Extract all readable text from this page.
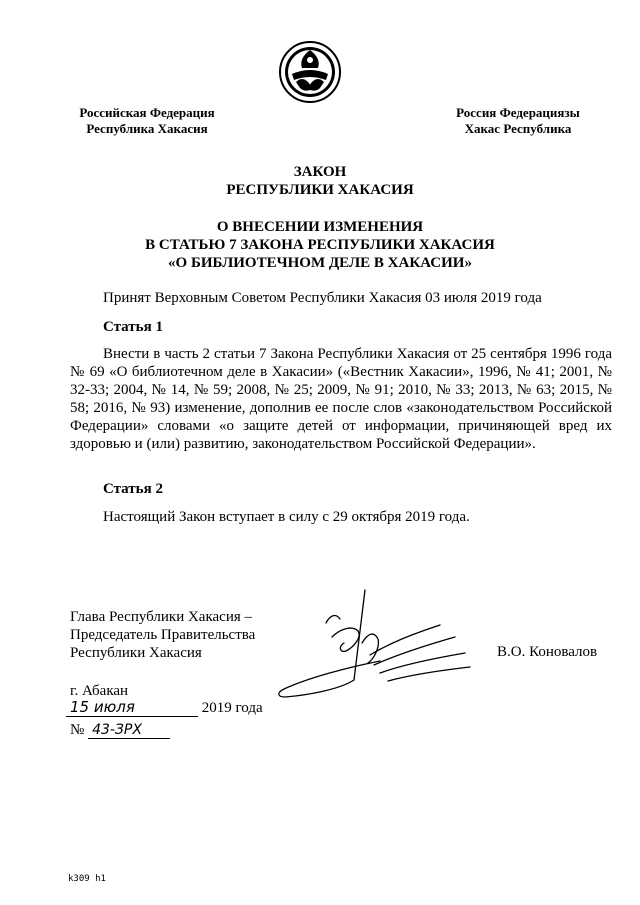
Российская Федерация
Республика Хакасия
Россия Федерациязы
Хакас Республика
ЗАКОН
РЕСПУБЛИКИ ХАКАСИЯ
О ВНЕСЕНИИ ИЗМЕНЕНИЯ
В СТАТЬЮ 7 ЗАКОНА РЕСПУБЛИКИ ХАКАСИЯ
«О БИБЛИОТЕЧНОМ ДЕЛЕ В ХАКАСИИ»
Принят Верховным Советом Республики Хакасия 03 июля 2019 года
Статья 1
Внести в часть 2 статьи 7 Закона Республики Хакасия от 25 сентября 1996 года № 69 «О библиотечном деле в Хакасии» («Вестник Хакасии», 1996, № 41; 2001, № 32-33; 2004, № 14, № 59; 2008, № 25; 2009, № 91; 2010, № 33; 2013, № 63; 2015, № 58; 2016, № 93) изменение, дополнив ее после слов «законодательством Российской Федерации» словами «о защите детей от информации, причиняющей вред их здоровью и (или) развитию, законодательством Российской Федерации».
Статья 2
Настоящий Закон вступает в силу с 29 октября 2019 года.
Глава Республики Хакасия –
Председатель Правительства
Республики Хакасия	В.О. Коновалов
г. Абакан
15 июля	2019 года
№ 43-ЗРХ
k309 h1
